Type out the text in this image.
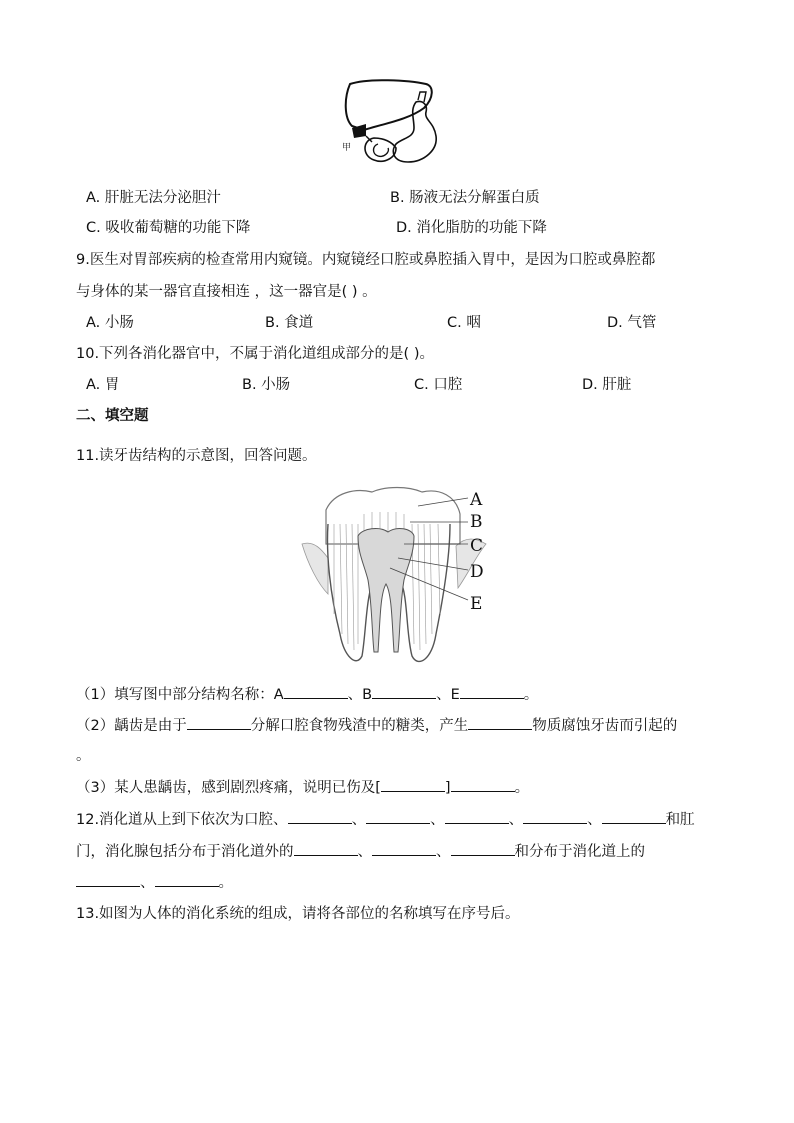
甲
A. 肝脏无法分泌胆汁	B. 肠液无法分解蛋白质
C. 吸收葡萄糖的功能下降	D. 消化脂肪的功能下降
9.医生对胃部疾病的检查常用内窥镜。内窥镜经口腔或鼻腔插入胃中，是因为口腔或鼻腔都
与身体的某一器官直接相连 ，这一器官是( ) 。
A. 小肠	B. 食道	C. 咽	D. 气管
10.下列各消化器官中，不属于消化道组成部分的是( )。
A. 胃	B. 小肠	C. 口腔	D. 肝脏
二、填空题
11.读牙齿结构的示意图，回答问题。
A
B
C
D
E
（1）填写图中部分结构名称：A	、B	、E	。
（2）龋齿是由于	分解口腔食物残渣中的糖类，产生	物质腐蚀牙齿而引起的
。
（3）某人患龋齿，感到剧烈疼痛，说明已伤及[	]	。
12.消化道从上到下依次为口腔、	、	、	、	、	和肛
门，消化腺包括分布于消化道外的	、	、	和分布于消化道上的
、	。
13.如图为人体的消化系统的组成，请将各部位的名称填写在序号后。
